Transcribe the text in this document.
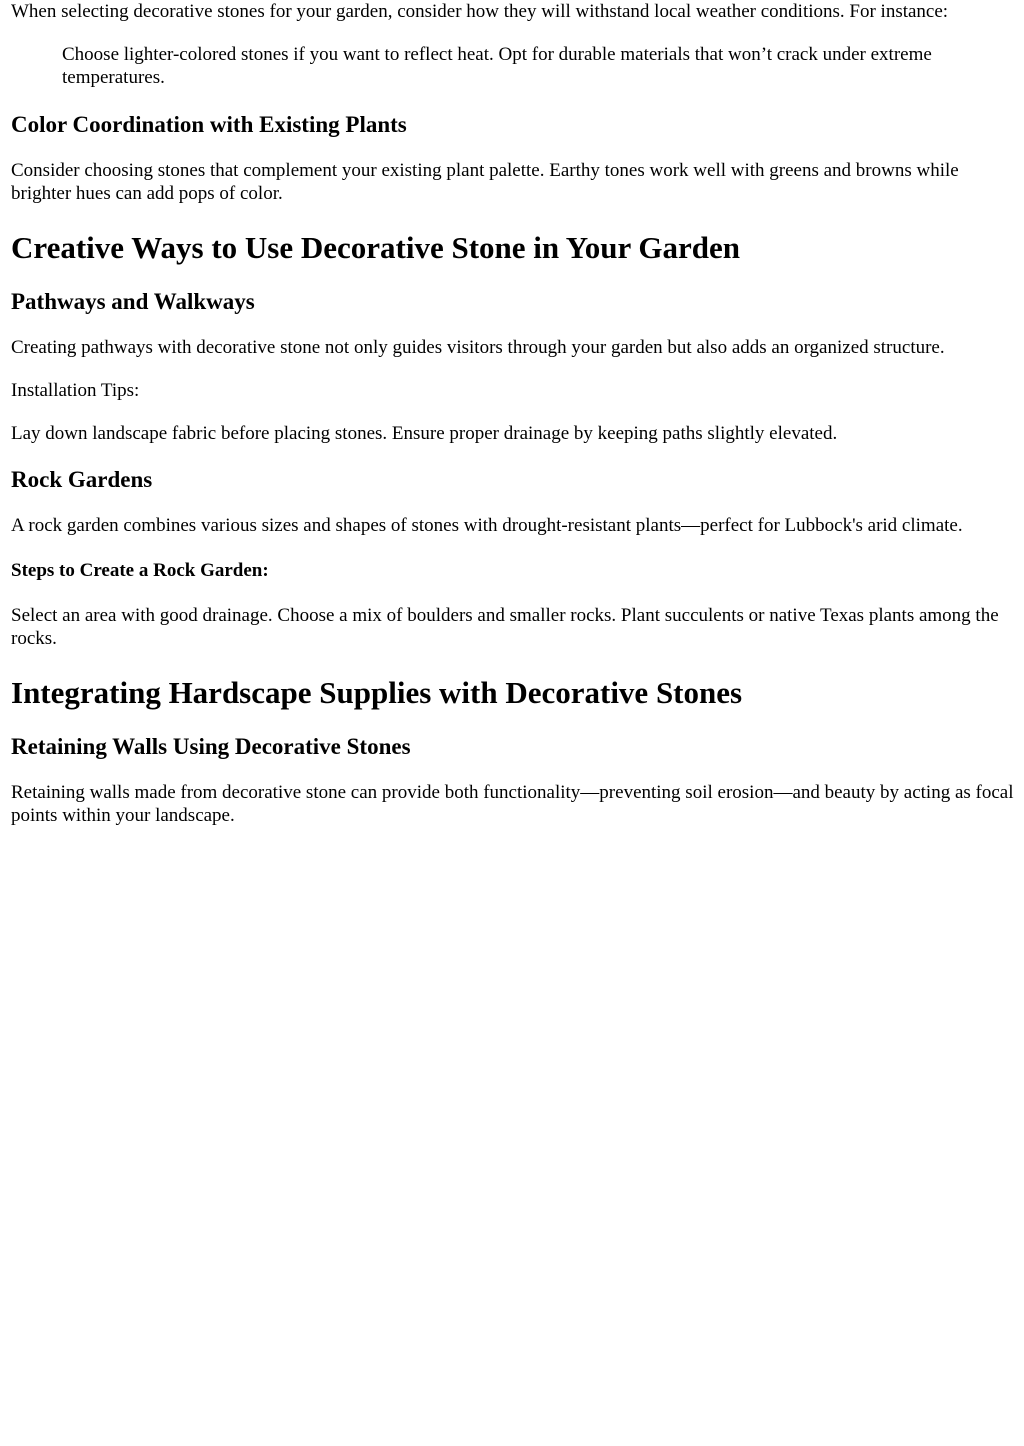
When selecting decorative stones for your garden, consider how they will withstand local weather conditions. For instance:

Choose lighter-colored stones if you want to reflect heat. Opt for durable materials that won’t crack under extreme temperatures.
Color Coordination with Existing Plants

Consider choosing stones that complement your existing plant palette. Earthy tones work well with greens and browns while brighter hues can add pops of color.

Creative Ways to Use Decorative Stone in Your Garden
Pathways and Walkways

Creating pathways with decorative stone not only guides visitors through your garden but also adds an organized structure.

Installation Tips:

Lay down landscape fabric before placing stones. Ensure proper drainage by keeping paths slightly elevated.

Rock Gardens

A rock garden combines various sizes and shapes of stones with drought-resistant plants—perfect for Lubbock's arid climate.

Steps to Create a Rock Garden:

Select an area with good drainage. Choose a mix of boulders and smaller rocks. Plant succulents or native Texas plants among the rocks.

Integrating Hardscape Supplies with Decorative Stones
Retaining Walls Using Decorative Stones

Retaining walls made from decorative stone can provide both functionality—preventing soil erosion—and beauty by acting as focal points within your landscape.
